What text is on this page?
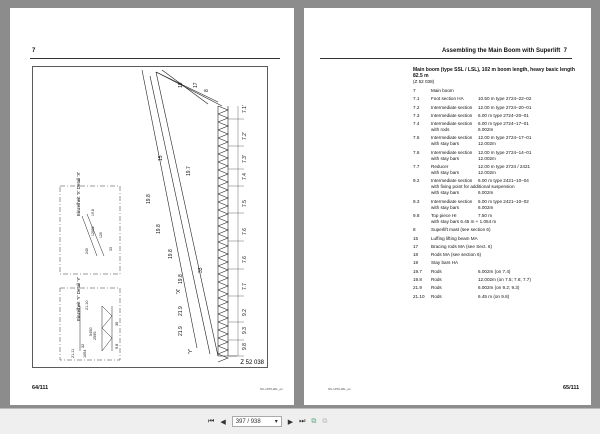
7
7.1'
7.2'
7.3'
7.4
7.5
7.6
7.6
7.7
9.2
9.3
9.8
18 17
8
15
19.7
19.8
19.8
19.8
19.8
21.9
21.9
33
'X'
'Y'
19.8
12002 120
240	33
21.10
21.11
32
5450 2595
1054
35
9.8
Einzelheit 'X' Detail 'X'
Einzelheit 'Y' Detail 'Y'
Z 52 038
64/111	SC-1970-20L_en
Assembling the Main Boom with Superlift 7
Main boom (type SSL / LSL), 102 m boom length, heavy basic length 82.5 m
(Z 52 038)
7	Main boom
7.1	Foot section HA	10.50 m type 2724–22–02
7.2	Intermediate section	12.00 m type 2724–20–01
7.3	Intermediate section	6.00 m type 2724–20–01
7.4	Intermediate section
with rods
6.00 m type 2724–17–01
6.002m
7.5	Intermediate section
with stay bars
12.00 m type 2724–17–01
12.002m
7.6	Intermediate section
with stay bars
12.00 m type 2724–14–01
12.002m
7.7	Reducer
with stay bars
12.00 m type 2724 / 2421
12.002m
9.2	Intermediate section	6.00 m type 2421–10–04
with fixing point for additional suspension
with stay bars	6.002m
9.3	Intermediate section
with stay bars
6.00 m type 2421–10–02
6.002m
9.8	Top piece HI	7.50 m
with stay bars 6.45 m + 1.054 m
8	Superlift mast (see section 6)
15	Luffing lifting beam MA
17	Bracing rods MA (see Sect. 6)
18	Rods MA (see section 6)
19	Stay bars HA
19.7	Rods	6.002m (on 7.4)
19.8	Rods	12.002m (on 7.5; 7.6; 7.7)
21.9	Rods	6.002m (on 9.2; 9.3)
21.10	Rods	6.45 m (on 9.8)
65/111
SC-1970-20L_en
⏮ ◀ 397 / 938 ▾ ▶ ⏭ ⧉ ⧉
